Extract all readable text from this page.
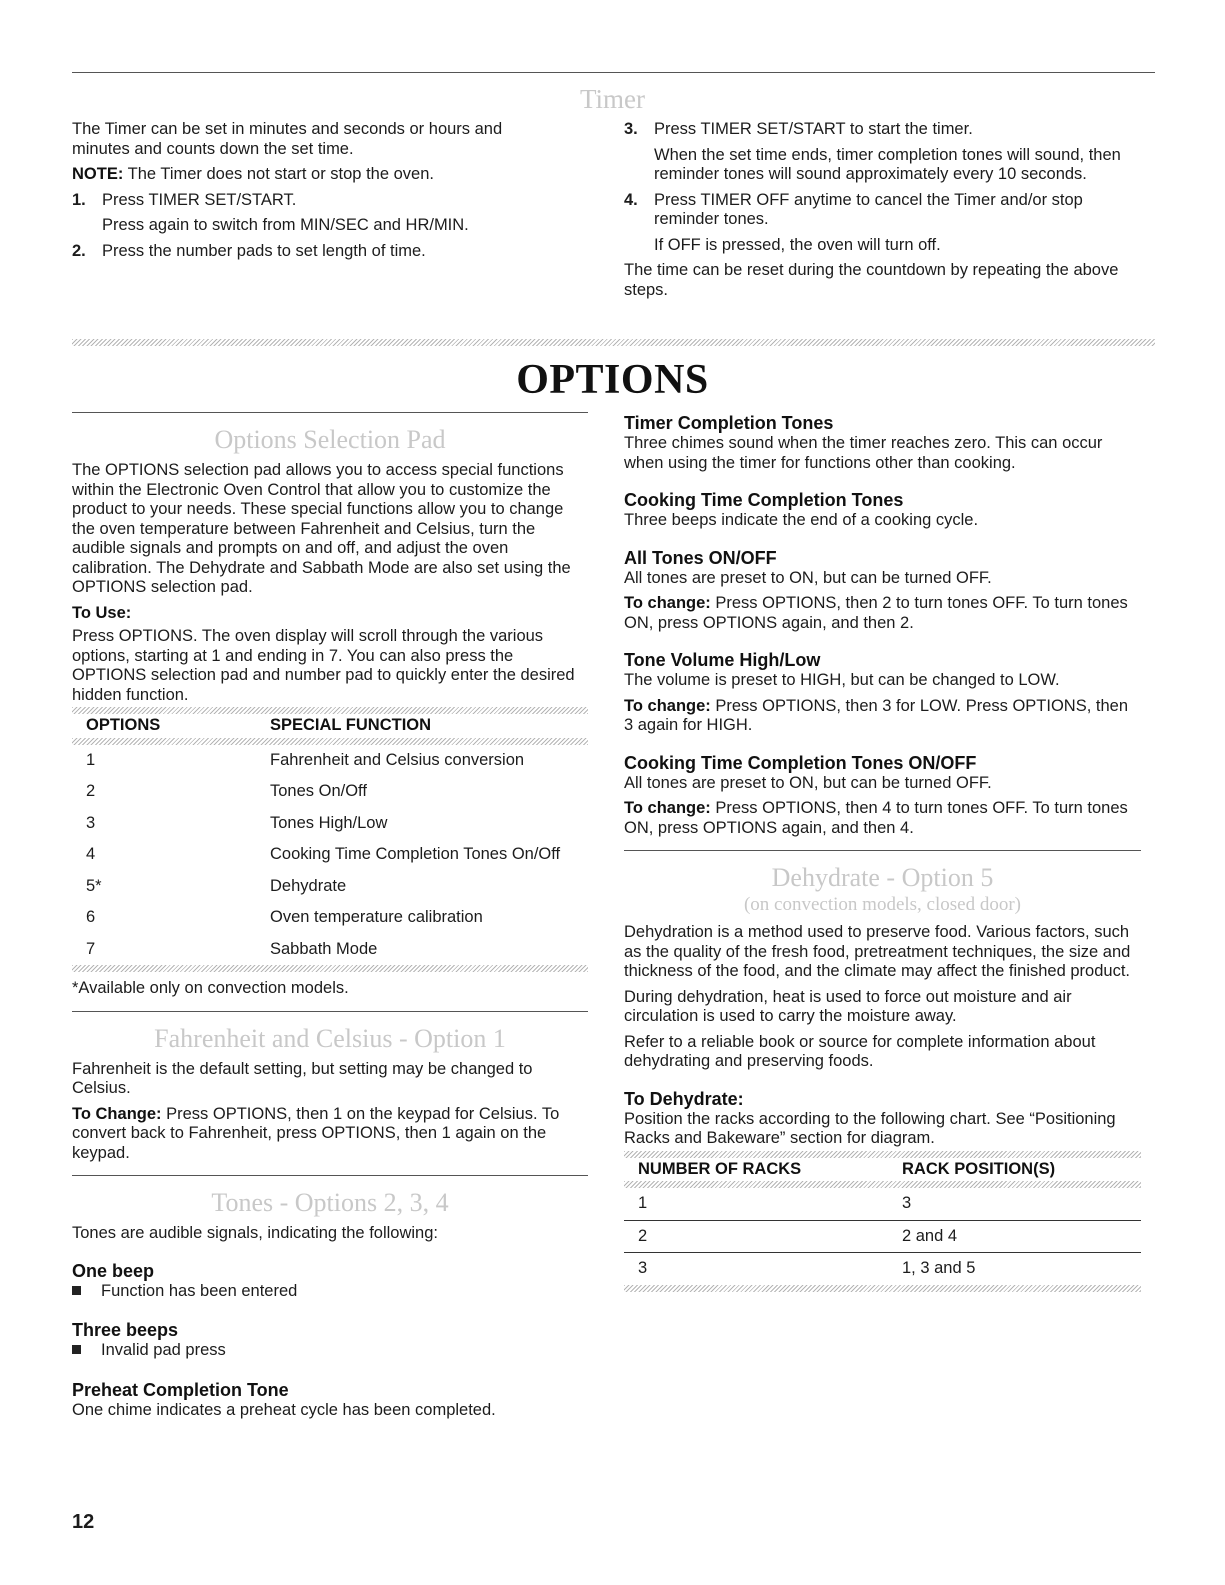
Timer

The Timer can be set in minutes and seconds or hours and minutes and counts down the set time.

NOTE: The Timer does not start or stop the oven.

1. Press TIMER SET/START.

Press again to switch from MIN/SEC and HR/MIN.

2. Press the number pads to set length of time.
3. Press TIMER SET/START to start the timer.

When the set time ends, timer completion tones will sound, then reminder tones will sound approximately every 10 seconds.

4. Press TIMER OFF anytime to cancel the Timer and/or stop reminder tones.

If OFF is pressed, the oven will turn off.

The time can be reset during the countdown by repeating the above steps.

OPTIONS
Options Selection Pad

The OPTIONS selection pad allows you to access special functions within the Electronic Oven Control that allow you to customize the product to your needs. These special functions allow you to change the oven temperature between Fahrenheit and Celsius, turn the audible signals and prompts on and off, and adjust the oven calibration. The Dehydrate and Sabbath Mode are also set using the OPTIONS selection pad.

To Use:

Press OPTIONS. The oven display will scroll through the various options, starting at 1 and ending in 7. You can also press the OPTIONS selection pad and number pad to quickly enter the desired hidden function.

OPTIONS	SPECIAL FUNCTION

1	Fahrenheit and Celsius conversion
2	Tones On/Off
3	Tones High/Low
4	Cooking Time Completion Tones On/Off
5*	Dehydrate
6	Oven temperature calibration
7	Sabbath Mode

*Available only on convection models.

Fahrenheit and Celsius - Option 1

Fahrenheit is the default setting, but setting may be changed to Celsius.

To Change: Press OPTIONS, then 1 on the keypad for Celsius. To convert back to Fahrenheit, press OPTIONS, then 1 again on the keypad.

Tones - Options 2, 3, 4

Tones are audible signals, indicating the following:

One beep
Function has been entered
Three beeps
Invalid pad press
Preheat Completion Tone

One chime indicates a preheat cycle has been completed.

Timer Completion Tones

Three chimes sound when the timer reaches zero. This can occur when using the timer for functions other than cooking.

Cooking Time Completion Tones

Three beeps indicate the end of a cooking cycle.

All Tones ON/OFF

All tones are preset to ON, but can be turned OFF.

To change: Press OPTIONS, then 2 to turn tones OFF. To turn tones ON, press OPTIONS again, and then 2.

Tone Volume High/Low

The volume is preset to HIGH, but can be changed to LOW.

To change: Press OPTIONS, then 3 for LOW. Press OPTIONS, then 3 again for HIGH.

Cooking Time Completion Tones ON/OFF

All tones are preset to ON, but can be turned OFF.

To change: Press OPTIONS, then 4 to turn tones OFF. To turn tones ON, press OPTIONS again, and then 4.

Dehydrate - Option 5

(on convection models, closed door)

Dehydration is a method used to preserve food. Various factors, such as the quality of the fresh food, pretreatment techniques, the size and thickness of the food, and the climate may affect the finished product.

During dehydration, heat is used to force out moisture and air circulation is used to carry the moisture away.

Refer to a reliable book or source for complete information about dehydrating and preserving foods.

To Dehydrate:

Position the racks according to the following chart. See “Positioning Racks and Bakeware” section for diagram.

NUMBER OF RACKS	RACK POSITION(S)

1	3
2	2 and 4
3	1, 3 and 5
12
